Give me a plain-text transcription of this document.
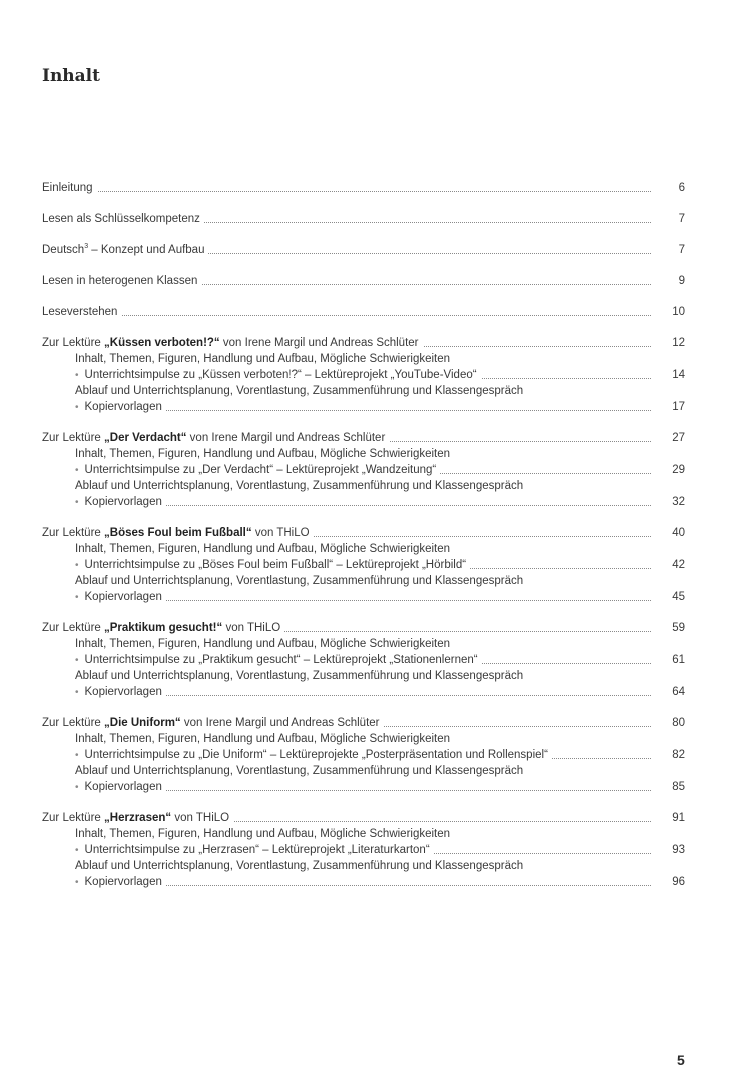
Inhalt
Einleitung	6
Lesen als Schlüsselkompetenz	7
Deutsch$^3$ – Konzept und Aufbau	7
Lesen in heterogenen Klassen	9
Leseverstehen	10
Zur Lektüre „Küssen verboten!?“ von Irene Margil und Andreas Schlüter	12
Inhalt, Themen, Figuren, Handlung und Aufbau, Mögliche Schwierigkeiten
• Unterrichtsimpulse zu „Küssen verboten!?“ – Lektüreprojekt „YouTube-Video“	14
Ablauf und Unterrichtsplanung, Vorentlastung, Zusammenführung und Klassengespräch
• Kopiervorlagen	17
Zur Lektüre „Der Verdacht“ von Irene Margil und Andreas Schlüter	27
Inhalt, Themen, Figuren, Handlung und Aufbau, Mögliche Schwierigkeiten
• Unterrichtsimpulse zu „Der Verdacht“ – Lektüreprojekt „Wandzeitung“	29
Ablauf und Unterrichtsplanung, Vorentlastung, Zusammenführung und Klassengespräch
• Kopiervorlagen	32
Zur Lektüre „Böses Foul beim Fußball“ von THiLO	40
Inhalt, Themen, Figuren, Handlung und Aufbau, Mögliche Schwierigkeiten
• Unterrichtsimpulse zu „Böses Foul beim Fußball“ – Lektüreprojekt „Hörbild“	42
Ablauf und Unterrichtsplanung, Vorentlastung, Zusammenführung und Klassengespräch
• Kopiervorlagen	45
Zur Lektüre „Praktikum gesucht!“ von THiLO	59
Inhalt, Themen, Figuren, Handlung und Aufbau, Mögliche Schwierigkeiten
• Unterrichtsimpulse zu „Praktikum gesucht“ – Lektüreprojekt „Stationenlernen“	61
Ablauf und Unterrichtsplanung, Vorentlastung, Zusammenführung und Klassengespräch
• Kopiervorlagen	64
Zur Lektüre „Die Uniform“ von Irene Margil und Andreas Schlüter	80
Inhalt, Themen, Figuren, Handlung und Aufbau, Mögliche Schwierigkeiten
• Unterrichtsimpulse zu „Die Uniform“ – Lektüreprojekte „Posterpräsentation und Rollenspiel“	82
Ablauf und Unterrichtsplanung, Vorentlastung, Zusammenführung und Klassengespräch
• Kopiervorlagen	85
Zur Lektüre „Herzrasen“ von THiLO	91
Inhalt, Themen, Figuren, Handlung und Aufbau, Mögliche Schwierigkeiten
• Unterrichtsimpulse zu „Herzrasen“ – Lektüreprojekt „Literaturkarton“	93
Ablauf und Unterrichtsplanung, Vorentlastung, Zusammenführung und Klassengespräch
• Kopiervorlagen	96
5
